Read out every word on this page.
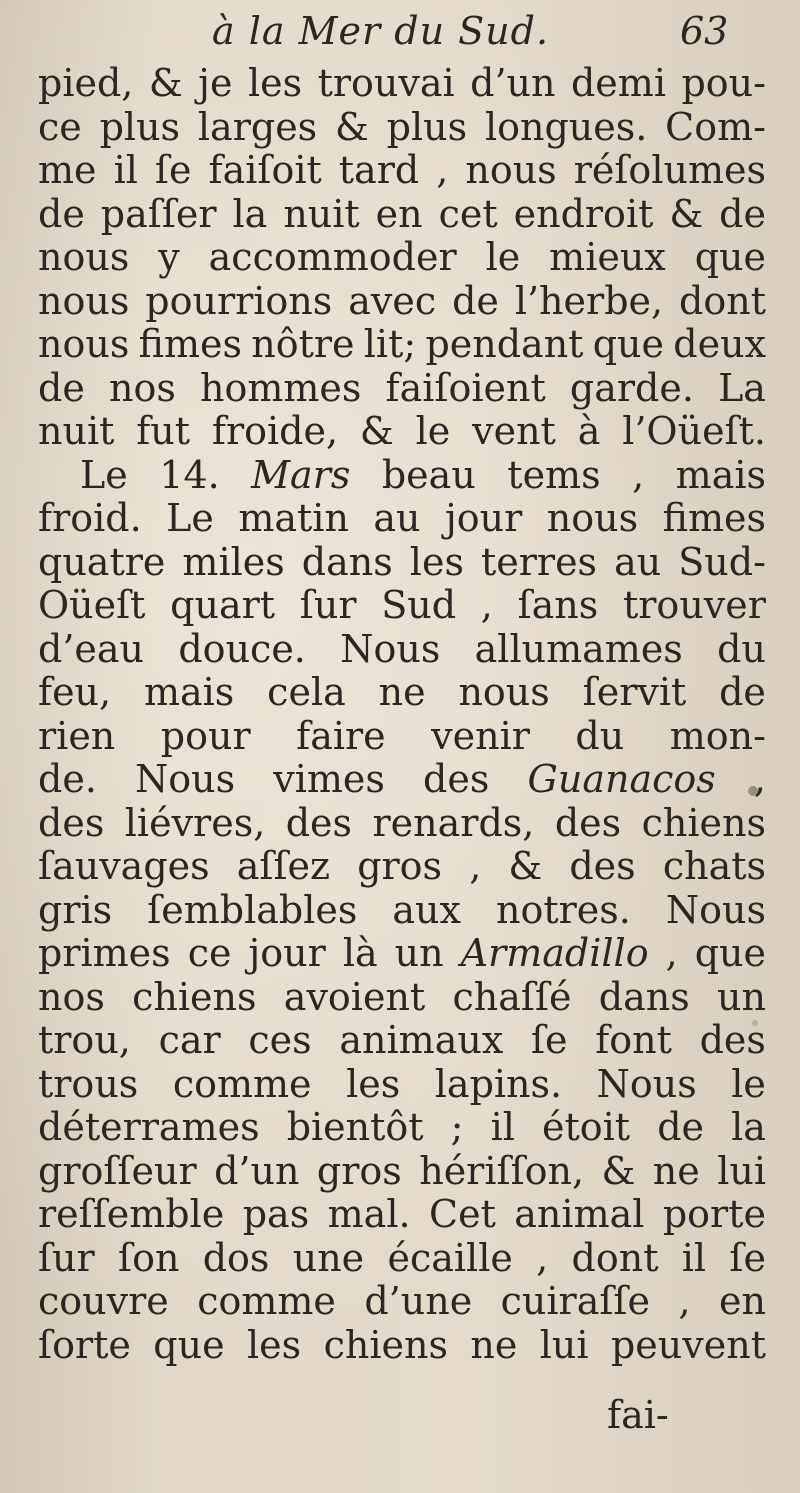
à la Mer du Sud.	63
pied, & je les trouvai d’un demi pou-
ce plus larges & plus longues. Com-
me il ſe faiſoit tard , nous réſolumes
de paſſer la nuit en cet endroit & de
nous y accommoder le mieux que
nous pourrions avec de l’herbe, dont
nous fimes nôtre lit; pendant que deux
de nos hommes faiſoient garde. La
nuit fut froide, & le vent à l’Oüeſt.
Le 14. Mars beau tems , mais
froid. Le matin au jour nous fimes
quatre miles dans les terres au Sud-
Oüeſt quart ſur Sud , ſans trouver
d’eau douce. Nous allumames du
feu, mais cela ne nous ſervit de
rien pour faire venir du mon-
de. Nous vimes des Guanacos ,
des liévres, des renards, des chiens
ſauvages aſſez gros , & des chats
gris ſemblables aux notres. Nous
primes ce jour là un Armadillo , que
nos chiens avoient chaſſé dans un
trou, car ces animaux ſe font des
trous comme les lapins. Nous le
déterrames bientôt ; il étoit de la
groſſeur d’un gros hériſſon, & ne lui
reſſemble pas mal. Cet animal porte
ſur ſon dos une écaille , dont il ſe
couvre comme d’une cuiraſſe , en
ſorte que les chiens ne lui peuvent
fai-
